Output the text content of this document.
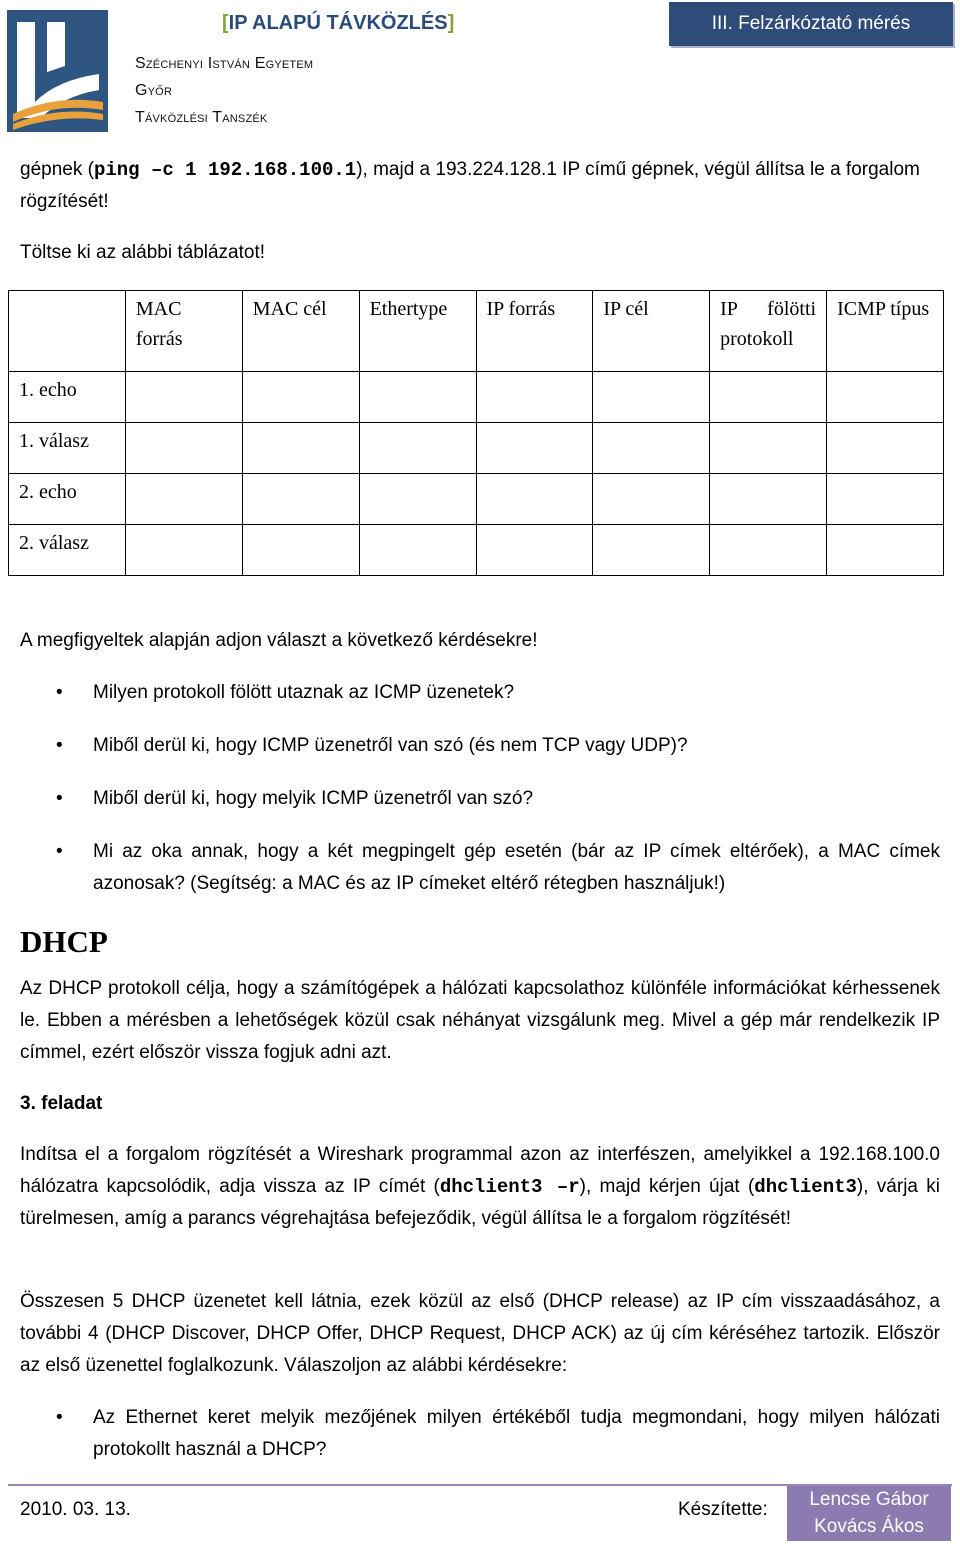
[IP ALAPÚ TÁVKÖZLÉS]
Széchenyi István Egyetem
Győr
Távközlési Tanszék
III. Felzárkóztató mérés
gépnek (ping –c 1 192.168.100.1), majd a 193.224.128.1 IP című gépnek, végül állítsa le a forgalom rögzítését!
Töltse ki az alábbi táblázatot!
	MAC forrás	MAC cél	Ethertype	IP forrás	IP cél	IP fölötti protokoll	ICMP típus
1. echo							
1. válasz							
2. echo							
2. válasz							
A megfigyeltek alapján adjon választ a következő kérdésekre!
• Milyen protokoll fölött utaznak az ICMP üzenetek?
• Miből derül ki, hogy ICMP üzenetről van szó (és nem TCP vagy UDP)?
• Miből derül ki, hogy melyik ICMP üzenetről van szó?
• Mi az oka annak, hogy a két megpingelt gép esetén (bár az IP címek eltérőek), a MAC címek azonosak? (Segítség: a MAC és az IP címeket eltérő rétegben használjuk!)
DHCP
Az DHCP protokoll célja, hogy a számítógépek a hálózati kapcsolathoz különféle információkat kérhessenek le. Ebben a mérésben a lehetőségek közül csak néhányat vizsgálunk meg. Mivel a gép már rendelkezik IP címmel, ezért először vissza fogjuk adni azt.
3. feladat
Indítsa el a forgalom rögzítését a Wireshark programmal azon az interfészen, amelyikkel a 192.168.100.0 hálózatra kapcsolódik, adja vissza az IP címét (dhclient3 –r), majd kérjen újat (dhclient3), várja ki türelmesen, amíg a parancs végrehajtása befejeződik, végül állítsa le a forgalom rögzítését!
Összesen 5 DHCP üzenetet kell látnia, ezek közül az első (DHCP release) az IP cím visszaadásához, a további 4 (DHCP Discover, DHCP Offer, DHCP Request, DHCP ACK) az új cím kéréséhez tartozik. Először az első üzenettel foglalkozunk. Válaszoljon az alábbi kérdésekre:
• Az Ethernet keret melyik mezőjének milyen értékéből tudja megmondani, hogy milyen hálózati protokollt használ a DHCP?
2010. 03. 13.	Készítette:	Lencse Gábor
Kovács Ákos
